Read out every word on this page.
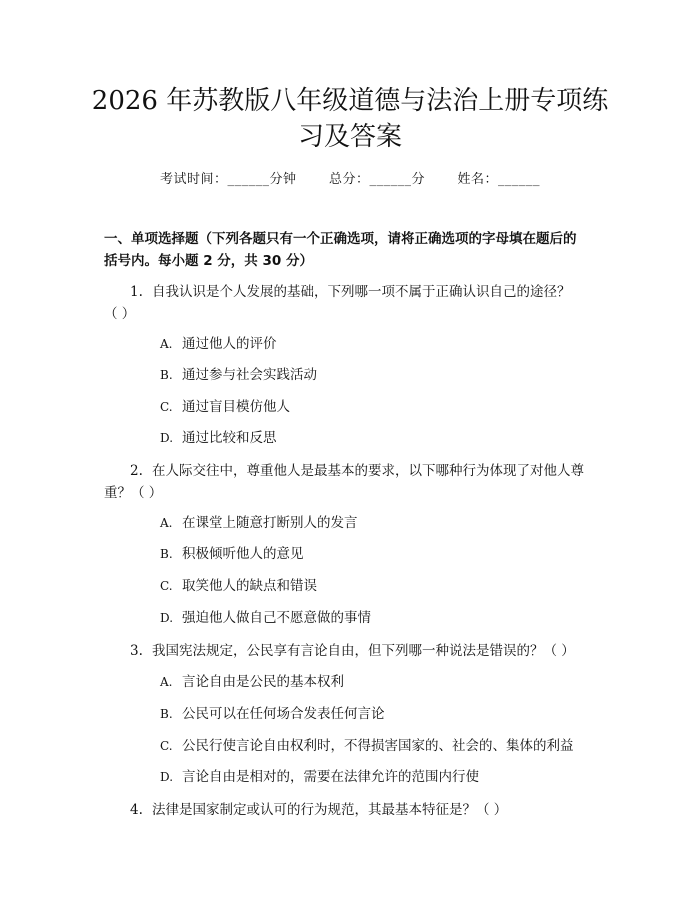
2026 年苏教版八年级道德与法治上册专项练
习及答案
考试时间：______分钟 总分：______分 姓名：______
一、单项选择题（下列各题只有一个正确选项，请将正确选项的字母填在题后的
括号内。每小题 2 分，共 30 分）
1. 自我认识是个人发展的基础，下列哪一项不属于正确认识自己的途径？
（ ）
A. 通过他人的评价
B. 通过参与社会实践活动
C. 通过盲目模仿他人
D. 通过比较和反思
2. 在人际交往中，尊重他人是最基本的要求，以下哪种行为体现了对他人尊
重？（ ）
A. 在课堂上随意打断别人的发言
B. 积极倾听他人的意见
C. 取笑他人的缺点和错误
D. 强迫他人做自己不愿意做的事情
3. 我国宪法规定，公民享有言论自由，但下列哪一种说法是错误的？（ ）
A. 言论自由是公民的基本权利
B. 公民可以在任何场合发表任何言论
C. 公民行使言论自由权利时，不得损害国家的、社会的、集体的利益
D. 言论自由是相对的，需要在法律允许的范围内行使
4. 法律是国家制定或认可的行为规范，其最基本特征是？（ ）
